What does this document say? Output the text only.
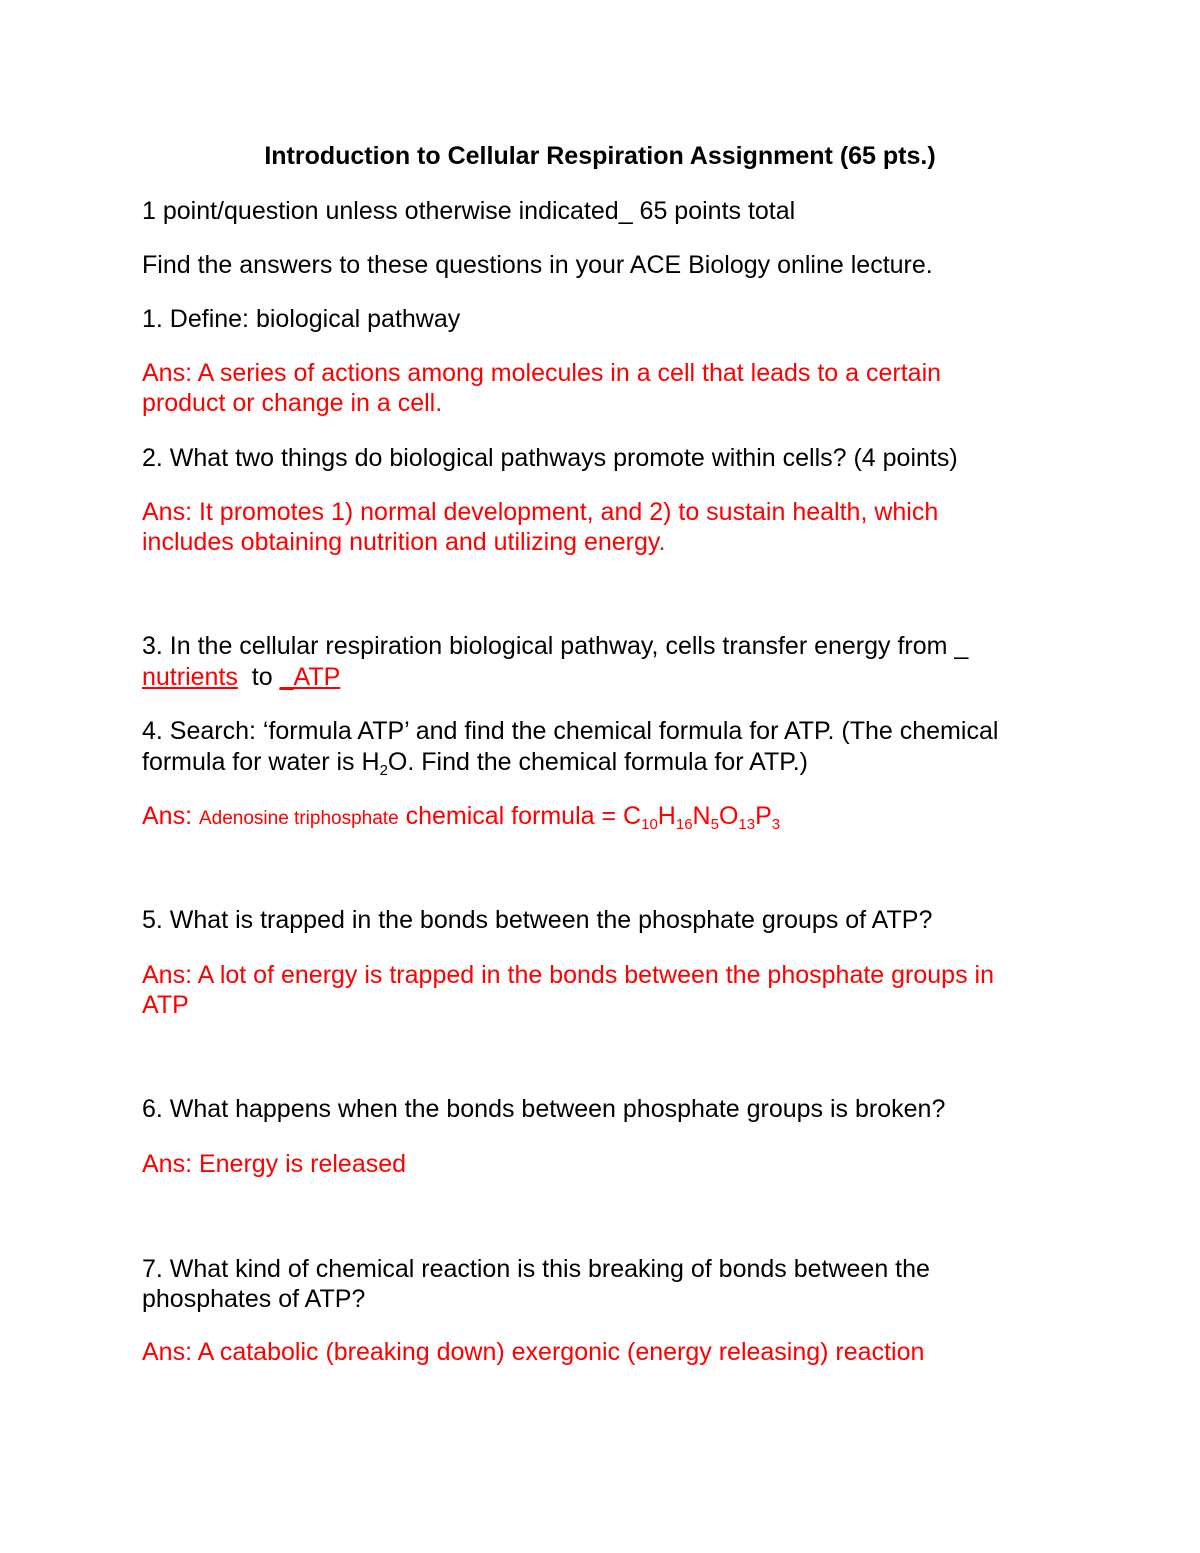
Introduction to Cellular Respiration Assignment (65 pts.)
1 point/question unless otherwise indicated_ 65 points total
Find the answers to these questions in your ACE Biology online lecture.
1. Define: biological pathway
Ans: A series of actions among molecules in a cell that leads to a certain
product or change in a cell.
2. What two things do biological pathways promote within cells? (4 points)
Ans: It promotes 1) normal development, and 2) to sustain health, which
includes obtaining nutrition and utilizing energy.
3. In the cellular respiration biological pathway, cells transfer energy from _
nutrients to _ATP
4. Search: ‘formula ATP’ and find the chemical formula for ATP. (The chemical
formula for water is $H_2O$. Find the chemical formula for ATP.)
Ans: Adenosine triphosphate chemical formula = $C_{10}H_{16}N_5O_{13}P_3$
5. What is trapped in the bonds between the phosphate groups of ATP?
Ans: A lot of energy is trapped in the bonds between the phosphate groups in
ATP
6. What happens when the bonds between phosphate groups is broken?
Ans: Energy is released
7. What kind of chemical reaction is this breaking of bonds between the
phosphates of ATP?
Ans: A catabolic (breaking down) exergonic (energy releasing) reaction
